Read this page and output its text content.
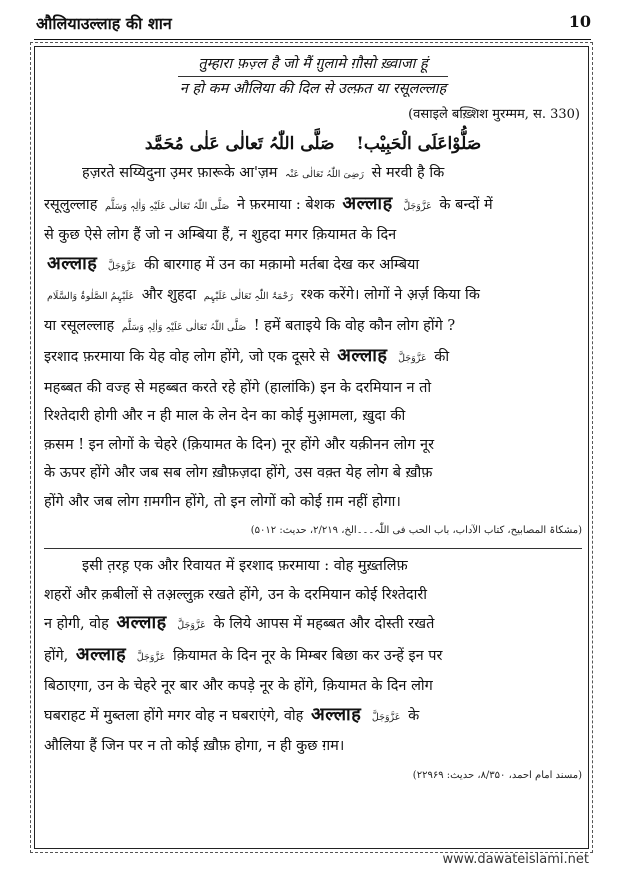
औलियाउल्लाह की शान	10

तुम्हारा फ़ज़्ल है जो मैं ग़ुलामे ग़ौसो ख़्वाजा हूं

न हो कम औलिया की दिल से उल्फ़त या रसूलल्लाह

(वसाइले बख़्शिश मुरम्मम, स. 330)
صَلُّوْاعَلَی الْحَبِیْب! صَلَّی اللّٰہُ تَعالٰی عَلٰی مُحَمَّد
हज़रते सय्यिदुना उ़मर फ़ारूके आ'ज़म رَضِیَ اللّٰہُ تَعَالٰی عَنْہ से मरवी है कि
रसूलुल्लाह صَلَّی اللّٰہُ تَعَالٰی عَلَیْہِ وَاٰلِہٖ وَسَلَّم ने फ़रमाया : बेशक अल्लाह عَزَّوَجَلَّ के बन्दों में
से कुछ ऐसे लोग हैं जो न अम्बिया हैं, न शुहदा मगर क़ियामत के दिन
अल्लाह عَزَّوَجَلَّ की बारगाह में उन का मक़ामो मर्तबा देख कर अम्बिया
عَلَیْہِمُ الصَّلٰوۃُ وَالسَّلَام और शुहदा رَحْمَۃُ اللّٰہِ تَعَالٰی عَلَیْہِم रश्क करेंगे। लोगों ने अ़र्ज़ किया कि
या रसूलल्लाह صَلَّی اللّٰہُ تَعَالٰی عَلَیْہِ وَاٰلِہٖ وَسَلَّم ! हमें बताइये कि वोह कौन लोग होंगे ?
इरशाद फ़रमाया कि येह वोह लोग होंगे, जो एक दूसरे से अल्लाह عَزَّوَجَلَّ की
महब्बत की वज्ह से महब्बत करते रहे होंगे (हालांकि) इन के दरमियान न तो
रिश्तेदारी होगी और न ही माल के लेन देन का कोई मुआ़मला, ख़ुदा की
क़सम ! इन लोगों के चेहरे (क़ियामत के दिन) नूर होंगे और यक़ीनन लोग नूर
के ऊपर होंगे और जब सब लोग ख़ौफ़ज़दा होंगे, उस वक़्त येह लोग बे ख़ौफ़
होंगे और जब लोग ग़मगीन होंगे, तो इन लोगों को कोई ग़म नहीं होगा।
(مشکاۃ المصابیح، کتاب الآداب، باب الحب فی اللّٰہ۔۔۔الخ، ۲/۲۱۹، حدیث: ۵۰۱۲)
इसी त़रह़ एक और रिवायत में इरशाद फ़रमाया : वोह मुख़्तलिफ़
शहरों और क़बीलों से तअ़ल्लुक़ रखते होंगे, उन के दरमियान कोई रिश्तेदारी
न होगी, वोह अल्लाह عَزَّوَجَلَّ के लिये आपस में महब्बत और दोस्ती रखते
होंगे, अल्लाह عَزَّوَجَلَّ क़ियामत के दिन नूर के मिम्बर बिछा कर उन्हें इन पर
बिठाएगा, उन के चेहरे नूर बार और कपड़े नूर के होंगे, क़ियामत के दिन लोग
घबराहट में मुब्तला होंगे मगर वोह न घबराएंगे, वोह अल्लाह عَزَّوَجَلَّ के
औलिया हैं जिन पर न तो कोई ख़ौफ़ होगा, न ही कुछ ग़म।
(مسند امام احمد، ۸/۳۵۰، حدیث: ۲۲۹۶۹)
www.dawateislami.net
